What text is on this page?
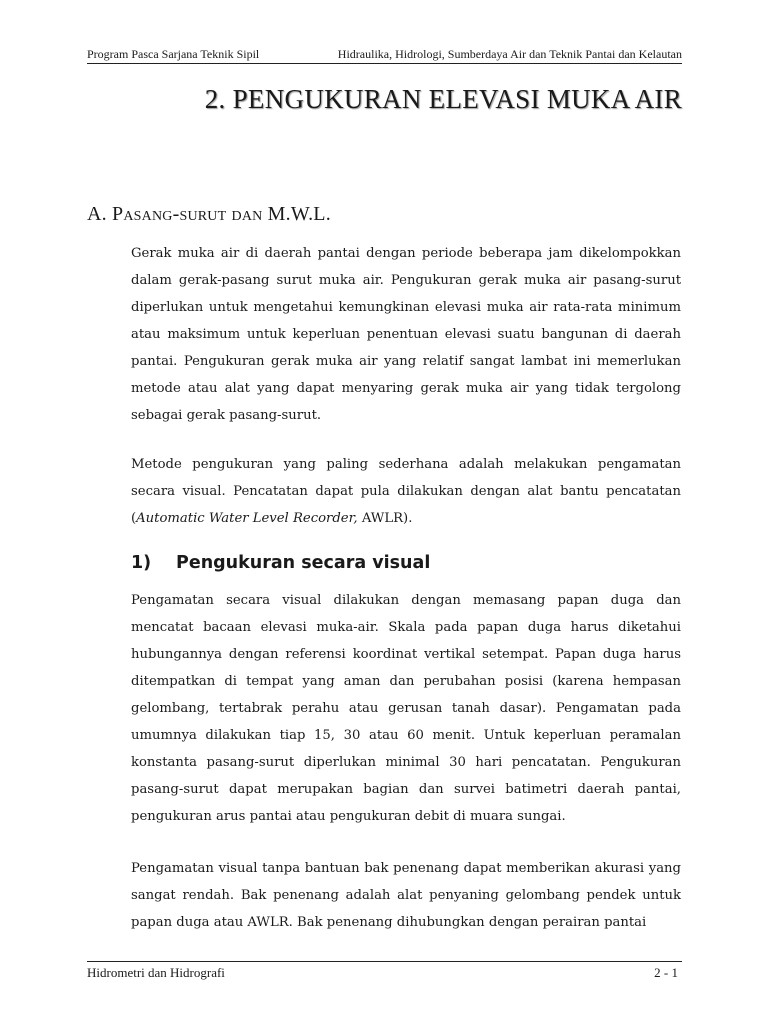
Program Pasca Sarjana Teknik Sipil	Hidraulika, Hidrologi, Sumberdaya Air dan Teknik Pantai dan Kelautan
2. PENGUKURAN ELEVASI MUKA AIR
A. Pasang-surut dan M.W.L.

Gerak muka air di daerah pantai dengan periode beberapa jam dikelompokkan dalam gerak-pasang surut muka air. Pengukuran gerak muka air pasang-surut diperlukan untuk mengetahui kemungkinan elevasi muka air rata-rata minimum atau maksimum untuk keperluan penentuan elevasi suatu bangunan di daerah pantai. Pengukuran gerak muka air yang relatif sangat lambat ini memerlukan metode atau alat yang dapat menyaring gerak muka air yang tidak tergolong sebagai gerak pasang-surut.

Metode pengukuran yang paling sederhana adalah melakukan pengamatan secara visual. Pencatatan dapat pula dilakukan dengan alat bantu pencatatan (Automatic Water Level Recorder, AWLR).

1)	Pengukuran secara visual

Pengamatan secara visual dilakukan dengan memasang papan duga dan mencatat bacaan elevasi muka-air. Skala pada papan duga harus diketahui hubungannya dengan referensi koordinat vertikal setempat. Papan duga harus ditempatkan di tempat yang aman dan perubahan posisi (karena hempasan gelombang, tertabrak perahu atau gerusan tanah dasar). Pengamatan pada umumnya dilakukan tiap 15, 30 atau 60 menit. Untuk keperluan peramalan konstanta pasang-surut diperlukan minimal 30 hari pencatatan. Pengukuran pasang-surut dapat merupakan bagian dan survei batimetri daerah pantai, pengukuran arus pantai atau pengukuran debit di muara sungai.

Pengamatan visual tanpa bantuan bak penenang dapat memberikan akurasi yang sangat rendah. Bak penenang adalah alat penyaning gelombang pendek untuk papan duga atau AWLR. Bak penenang dihubungkan dengan perairan pantai

Hidrometri dan Hidrografi	2 - 1
